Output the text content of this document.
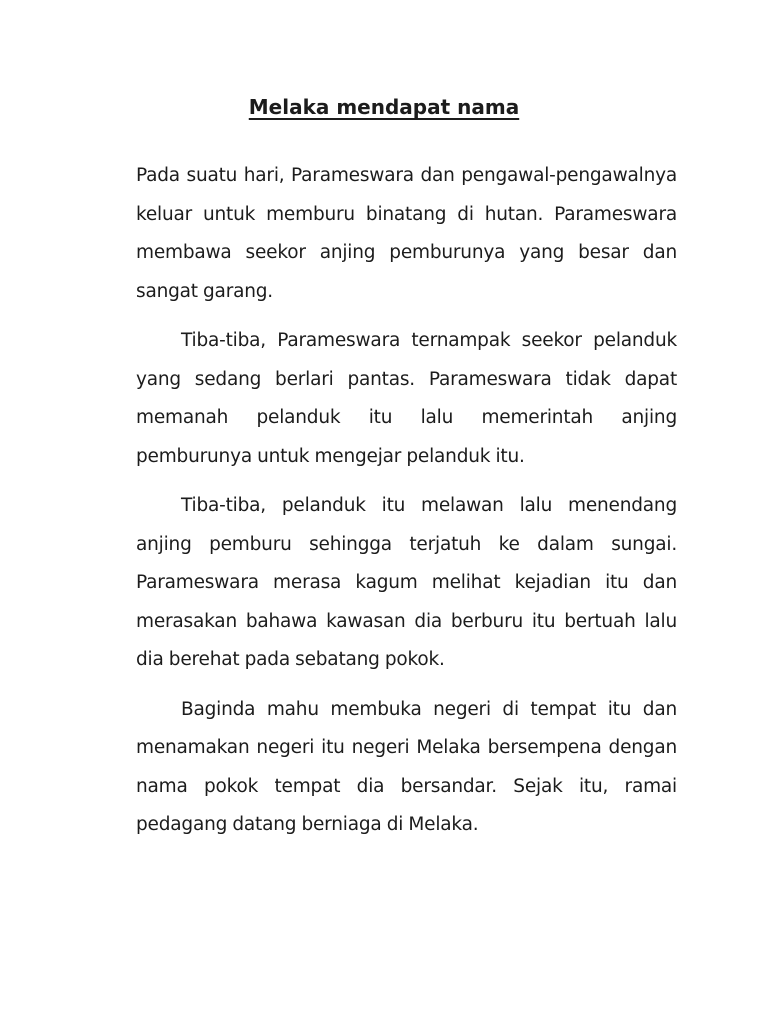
Melaka mendapat nama

Pada suatu hari, Parameswara dan pengawal-pengawalnya keluar untuk memburu binatang di hutan. Parameswara membawa seekor anjing pemburunya yang besar dan sangat garang.

Tiba-tiba, Parameswara ternampak seekor pelanduk yang sedang berlari pantas. Parameswara tidak dapat memanah pelanduk itu lalu memerintah anjing pemburunya untuk mengejar pelanduk itu.

Tiba-tiba, pelanduk itu melawan lalu menendang anjing pemburu sehingga terjatuh ke dalam sungai. Parameswara merasa kagum melihat kejadian itu dan merasakan bahawa kawasan dia berburu itu bertuah lalu dia berehat pada sebatang pokok.

Baginda mahu membuka negeri di tempat itu dan menamakan negeri itu negeri Melaka bersempena dengan nama pokok tempat dia bersandar. Sejak itu, ramai pedagang datang berniaga di Melaka.
